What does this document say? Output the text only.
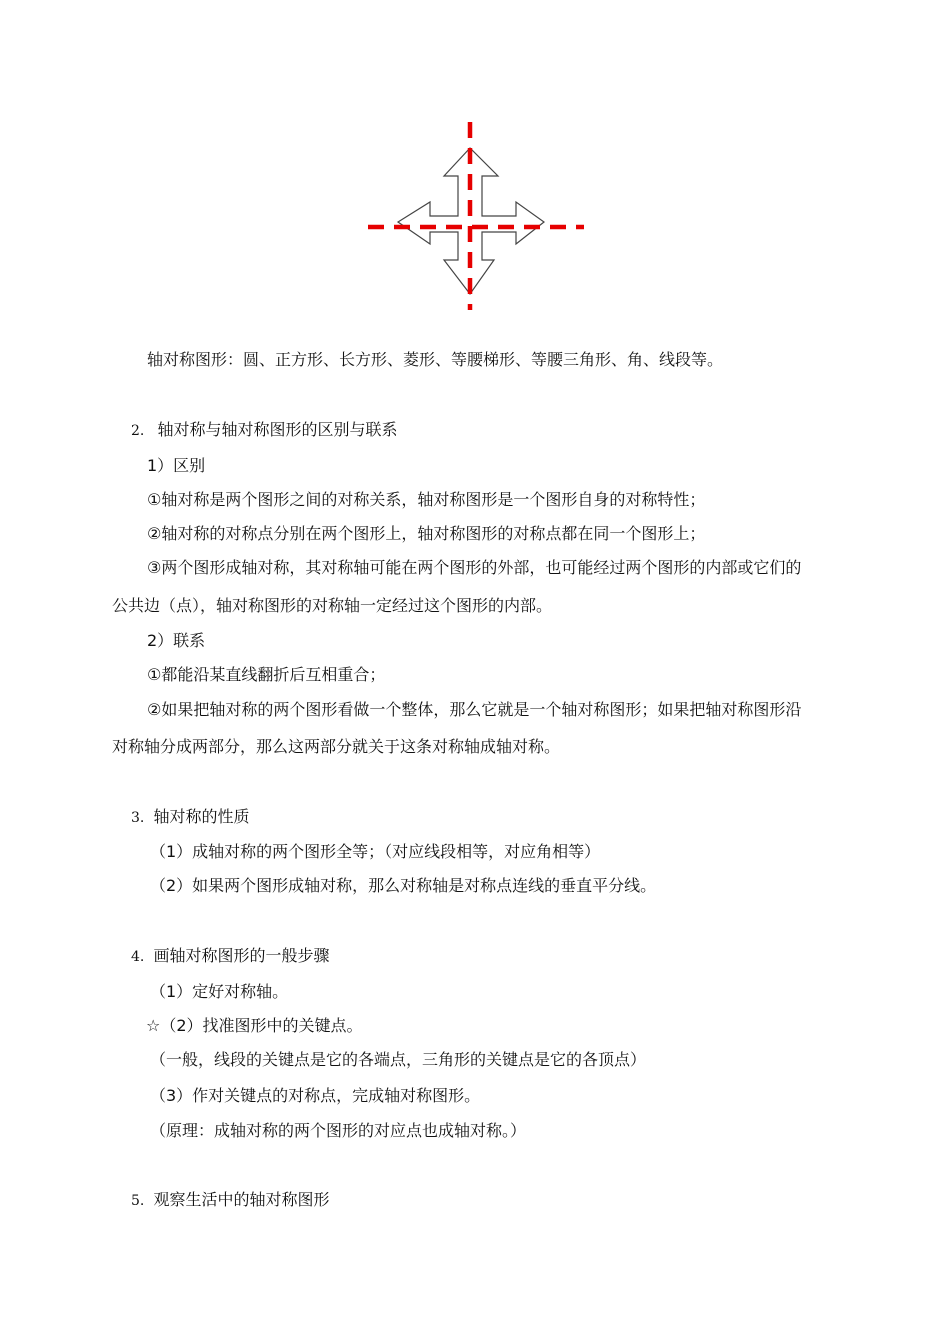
轴对称图形：圆、正方形、长方形、菱形、等腰梯形、等腰三角形、角、线段等。
2. 轴对称与轴对称图形的区别与联系
1）区别
①轴对称是两个图形之间的对称关系，轴对称图形是一个图形自身的对称特性；
②轴对称的对称点分别在两个图形上，轴对称图形的对称点都在同一个图形上；
③两个图形成轴对称，其对称轴可能在两个图形的外部，也可能经过两个图形的内部或它们的
公共边（点），轴对称图形的对称轴一定经过这个图形的内部。
2）联系
①都能沿某直线翻折后互相重合；
②如果把轴对称的两个图形看做一个整体，那么它就是一个轴对称图形；如果把轴对称图形沿
对称轴分成两部分，那么这两部分就关于这条对称轴成轴对称。
3. 轴对称的性质
（1）成轴对称的两个图形全等；（对应线段相等，对应角相等）
（2）如果两个图形成轴对称，那么对称轴是对称点连线的垂直平分线。
4. 画轴对称图形的一般步骤
（1）定好对称轴。
☆（2）找准图形中的关键点。
（一般，线段的关键点是它的各端点，三角形的关键点是它的各顶点）
（3）作对关键点的对称点，完成轴对称图形。
（原理：成轴对称的两个图形的对应点也成轴对称。）
5. 观察生活中的轴对称图形
